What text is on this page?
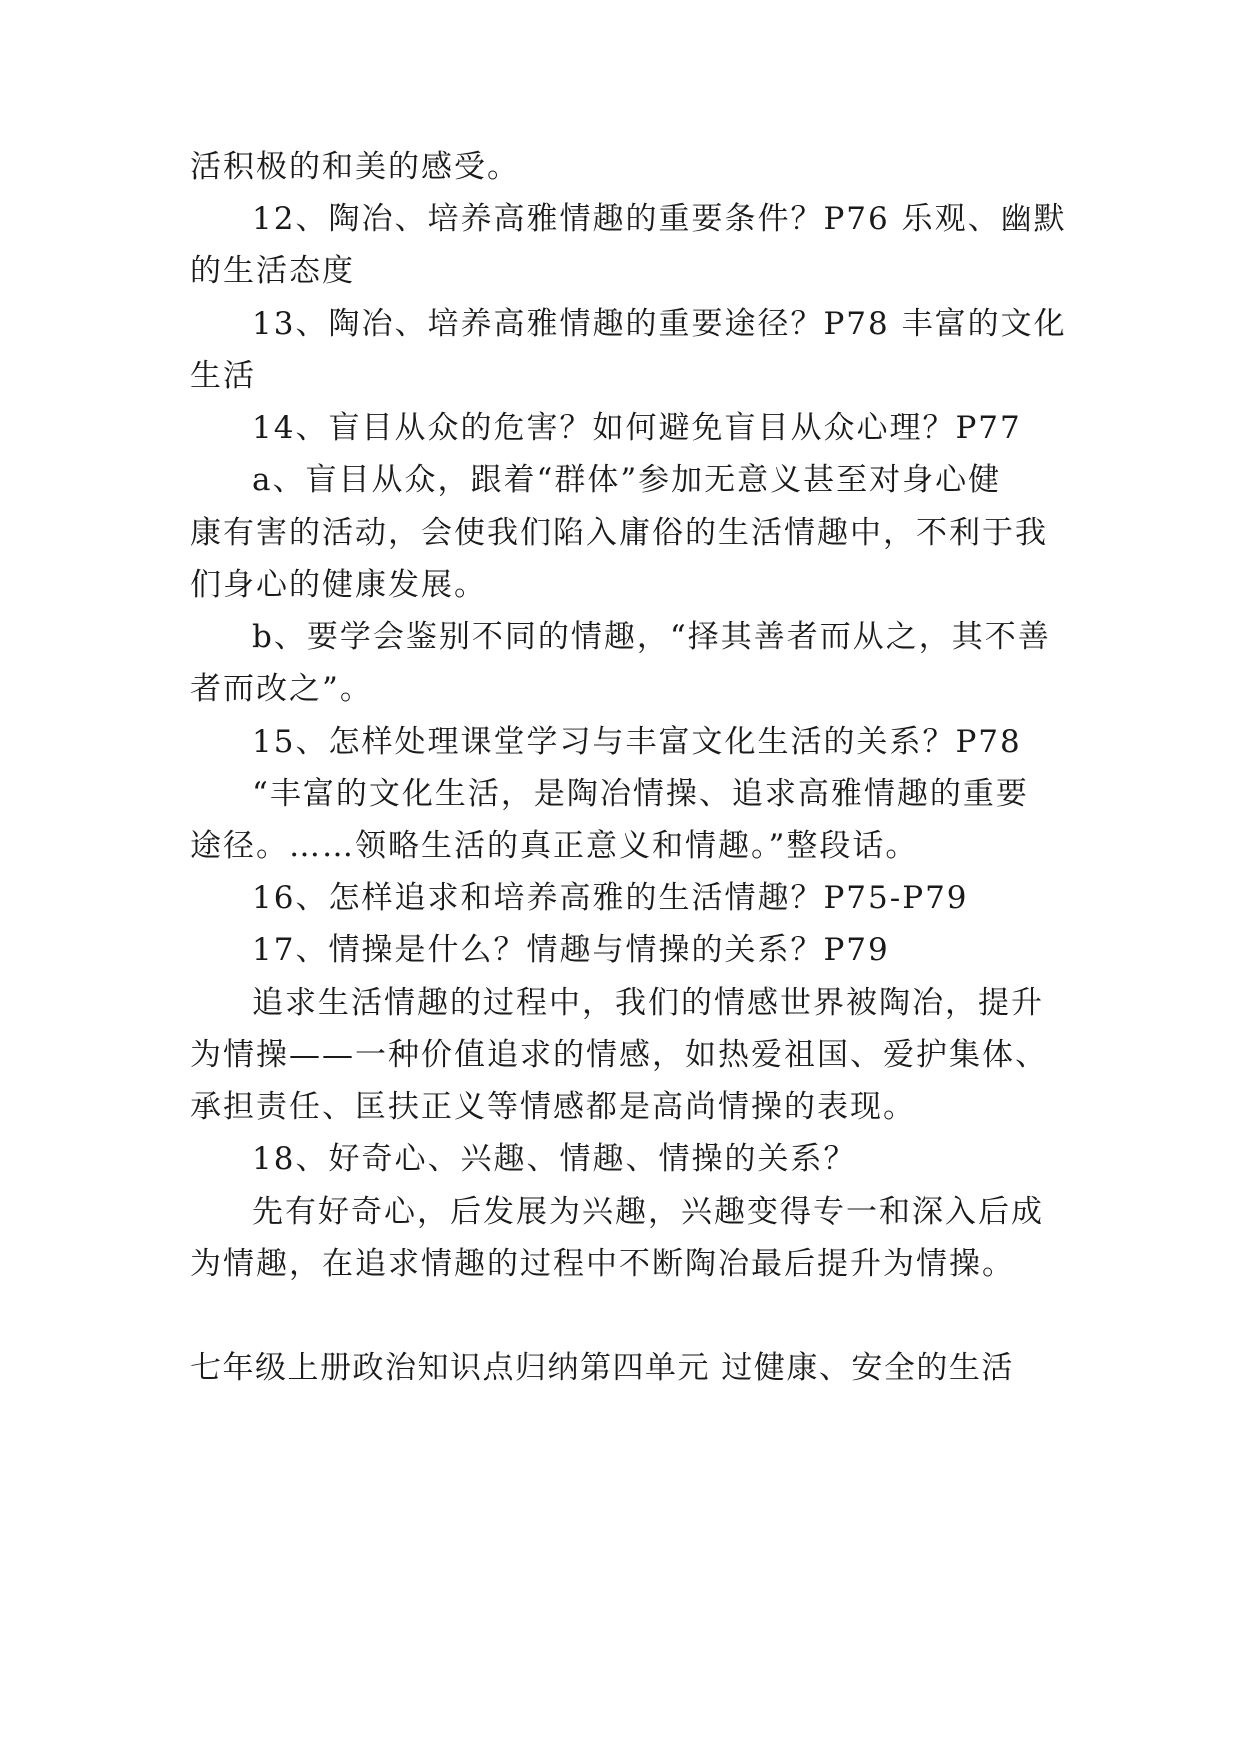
活积极的和美的感受。
12、陶冶、培养高雅情趣的重要条件？P76 乐观、幽默
的生活态度
13、陶冶、培养高雅情趣的重要途径？P78 丰富的文化
生活
14、盲目从众的危害？如何避免盲目从众心理？P77
a、盲目从众，跟着“群体”参加无意义甚至对身心健
康有害的活动，会使我们陷入庸俗的生活情趣中，不利于我
们身心的健康发展。
b、要学会鉴别不同的情趣，“择其善者而从之，其不善
者而改之”。
15、怎样处理课堂学习与丰富文化生活的关系？P78
“丰富的文化生活，是陶冶情操、追求高雅情趣的重要
途径。……领略生活的真正意义和情趣。”整段话。
16、怎样追求和培养高雅的生活情趣？P75-P79
17、情操是什么？情趣与情操的关系？P79
追求生活情趣的过程中，我们的情感世界被陶冶，提升
为情操——一种价值追求的情感，如热爱祖国、爱护集体、
承担责任、匡扶正义等情感都是高尚情操的表现。
18、好奇心、兴趣、情趣、情操的关系？
先有好奇心，后发展为兴趣，兴趣变得专一和深入后成
为情趣，在追求情趣的过程中不断陶冶最后提升为情操。
七年级上册政治知识点归纳第四单元 过健康、安全的生活
